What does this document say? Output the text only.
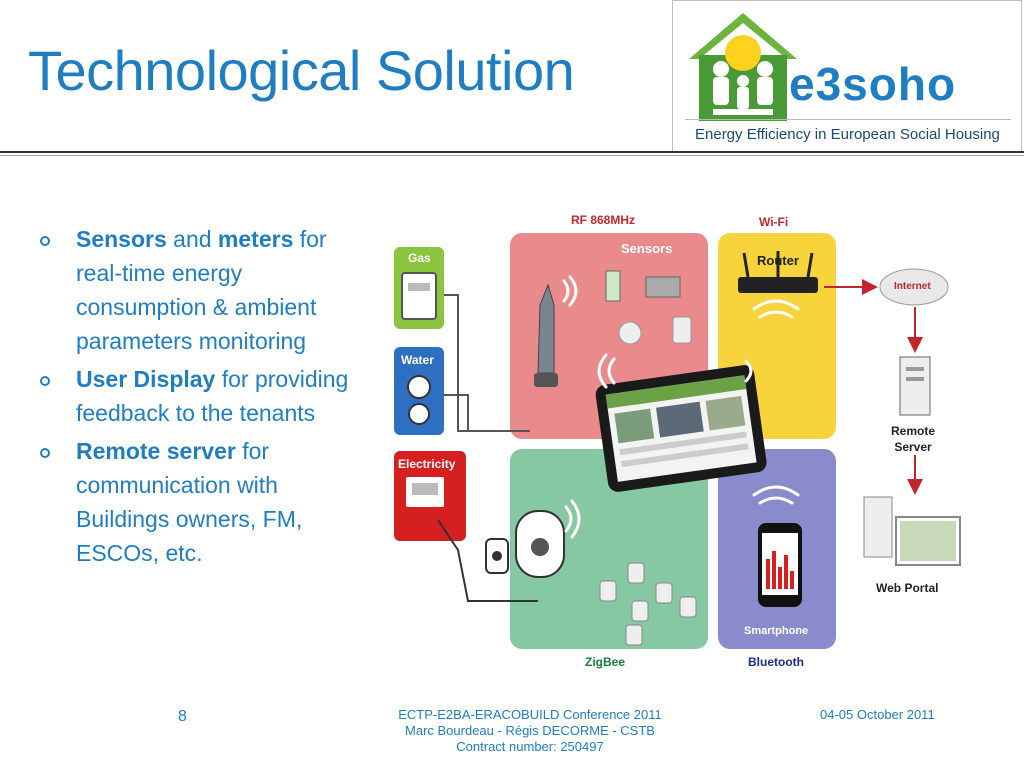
Technological Solution	e3soho
Energy Efficiency in European Social Housing
Sensors and meters for real-time energy consumption & ambient parameters monitoring
User Display for providing feedback to the tenants
Remote server for communication with Buildings owners, FM, ESCOs, etc.
RF 868MHz	Wi-Fi
Sensors
Router
Internet
Remote
Server
Web Portal
Smartphone
ZigBee	Bluetooth
Gas
Water
Electricity
8	ECTP-E2BA-ERACOBUILD Conference 2011
Marc Bourdeau - Régis DECORME - CSTB
Contract number: 250497
04-05 October 2011
